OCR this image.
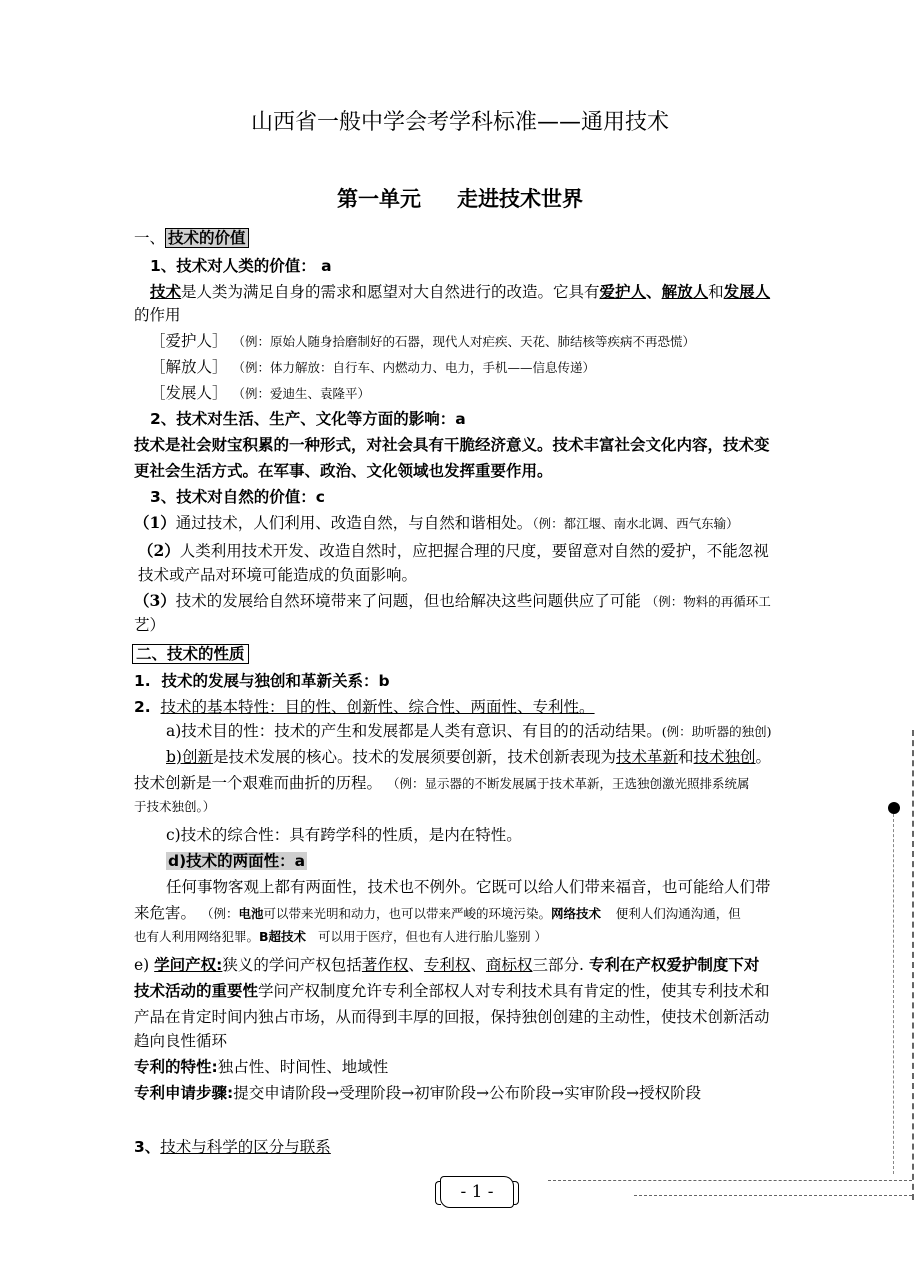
山西省一般中学会考学科标准——通用技术
第一单元 走进技术世界
一、 技术的价值
1、技术对人类的价值： a
技术是人类为满足自身的需求和愿望对大自然进行的改造。它具有爱护人、解放人和发展人
的作用
［爱护人］ （例：原始人随身拾磨制好的石器，现代人对疟疾、天花、肺结核等疾病不再恐慌）
［解放人］ （例：体力解放：自行车、内燃动力、电力，手机——信息传递）
［发展人］ （例：爱迪生、袁隆平）
2、技术对生活、生产、文化等方面的影响：a
技术是社会财宝积累的一种形式，对社会具有干脆经济意义。技术丰富社会文化内容，技术变
更社会生活方式。在军事、政治、文化领域也发挥重要作用。
3、技术对自然的价值：c
（1）通过技术，人们利用、改造自然，与自然和谐相处。（例：都江堰、南水北调、西气东输）
（2）人类利用技术开发、改造自然时，应把握合理的尺度，要留意对自然的爱护，不能忽视
技术或产品对环境可能造成的负面影响。
（3）技术的发展给自然环境带来了问题，但也给解决这些问题供应了可能 （例：物料的再循环工
艺）
二、技术的性质
1. 技术的发展与独创和革新关系：b
2. 技术的基本特性：目的性、创新性、综合性、两面性、专利性。
a)技术目的性：技术的产生和发展都是人类有意识、有目的的活动结果。(例：助听器的独创)
b)创新是技术发展的核心。技术的发展须要创新，技术创新表现为技术革新和技术独创。
技术创新是一个艰难而曲折的历程。 （例：显示器的不断发展属于技术革新，王选独创激光照排系统属
于技术独创。）
c)技术的综合性：具有跨学科的性质，是内在特性。
d)技术的两面性：a
任何事物客观上都有两面性，技术也不例外。它既可以给人们带来福音，也可能给人们带
来危害。 （例：电池可以带来光明和动力，也可以带来严峻的环境污染。网络技术 便利人们沟通沟通，但
也有人利用网络犯罪。B超技术 可以用于医疗，但也有人进行胎儿鉴别 ）
e) 学问产权:狭义的学问产权包括著作权、专利权、商标权三部分. 专利在产权爱护制度下对
技术活动的重要性学问产权制度允许专利全部权人对专利技术具有肯定的性，使其专利技术和
产品在肯定时间内独占市场，从而得到丰厚的回报，保持独创创建的主动性，使技术创新活动
趋向良性循环
专利的特性:独占性、时间性、地域性
专利申请步骤:提交申请阶段→受理阶段→初审阶段→公布阶段→实审阶段→授权阶段
3、技术与科学的区分与联系
- 1 -
